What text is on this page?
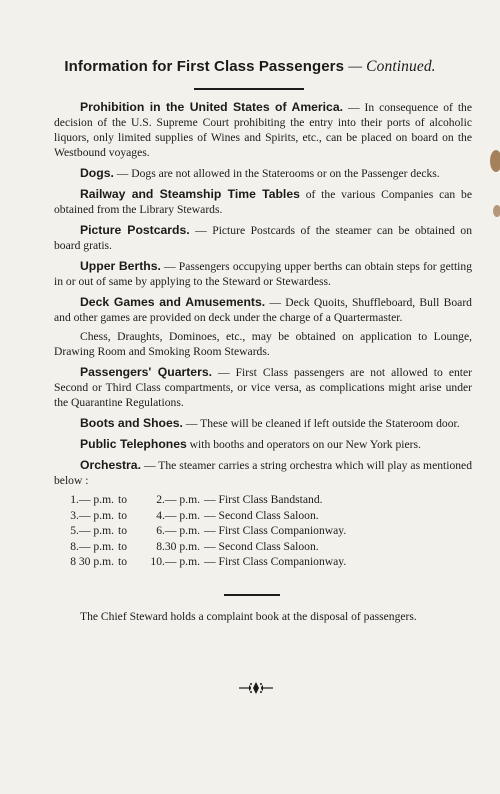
Information for First Class Passengers — Continued.

Prohibition in the United States of America. — In consequence of the decision of the U.S. Supreme Court prohibiting the entry into their ports of alcoholic liquors, only limited supplies of Wines and Spirits, etc., can be placed on board on the Westbound voyages.

Dogs. — Dogs are not allowed in the Staterooms or on the Passenger decks.

Railway and Steamship Time Tables of the various Companies can be obtained from the Library Stewards.

Picture Postcards. — Picture Postcards of the steamer can be obtained on board gratis.

Upper Berths. — Passengers occupying upper berths can obtain steps for getting in or out of same by applying to the Steward or Stewardess.

Deck Games and Amusements. — Deck Quoits, Shuffleboard, Bull Board and other games are provided on deck under the charge of a Quartermaster.

Chess, Draughts, Dominoes, etc., may be obtained on application to Lounge, Drawing Room and Smoking Room Stewards.

Passengers' Quarters. — First Class passengers are not allowed to enter Second or Third Class compartments, or vice versa, as complications might arise under the Quarantine Regulations.

Boots and Shoes. — These will be cleaned if left outside the Stateroom door.

Public Telephones with booths and operators on our New York piers.

Orchestra. — The steamer carries a string orchestra which will play as mentioned below :

1.— p.m. to	2.— p.m. — First Class Bandstand.
3.— p.m. to	4.— p.m. — Second Class Saloon.
5.— p.m. to	6.— p.m. — First Class Companionway.
8.— p.m. to	8.30 p.m. — Second Class Saloon.
8 30 p.m. to	10.— p.m. — First Class Companionway.

The Chief Steward holds a complaint book at the disposal of passengers.
